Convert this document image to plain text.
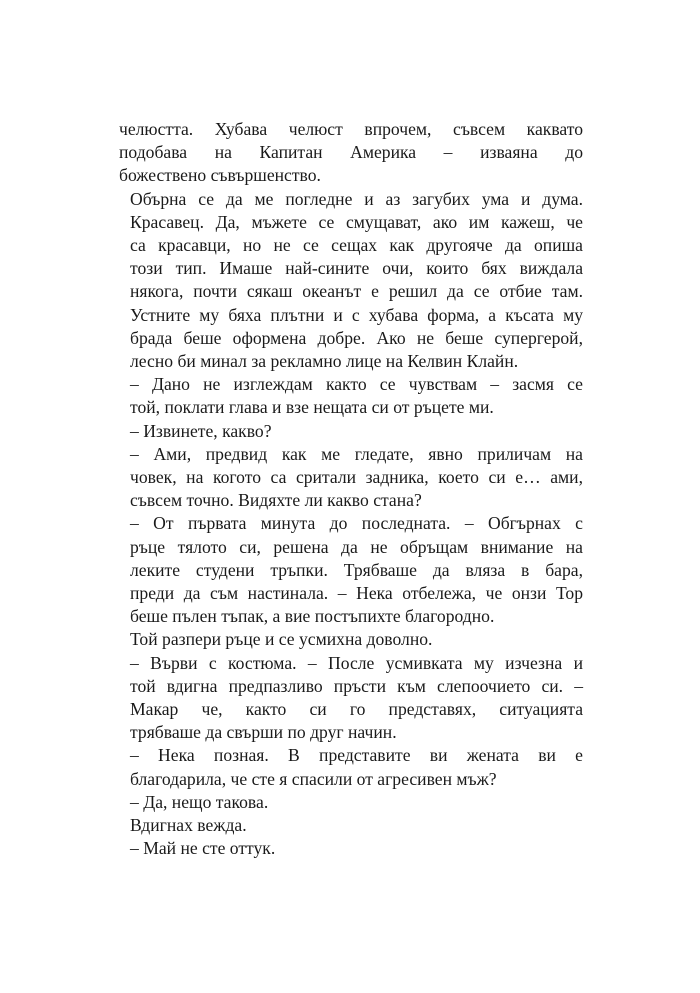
челюстта. Хубава челюст впрочем, съвсем каквато
подобава на Капитан Америка – изваяна до
божествено съвършенство.
Обърна се да ме погледне и аз загубих ума и дума.
Красавец. Да, мъжете се смущават, ако им кажеш, че
са красавци, но не се сещах как другояче да опиша
този тип. Имаше най-сините очи, които бях виждала
някога, почти сякаш океанът е решил да се отбие там.
Устните му бяха плътни и с хубава форма, а късата му
брада беше оформена добре. Ако не беше супергерой,
лесно би минал за рекламно лице на Келвин Клайн.
– Дано не изглеждам както се чувствам – засмя се
той, поклати глава и взе нещата си от ръцете ми.
– Извинете, какво?
– Ами, предвид как ме гледате, явно приличам на
човек, на когото са сритали задника, което си е… ами,
съвсем точно. Видяхте ли какво стана?
– От първата минута до последната. – Обгърнах с
ръце тялото си, решена да не обръщам внимание на
леките студени тръпки. Трябваше да вляза в бара,
преди да съм настинала. – Нека отбележа, че онзи Тор
беше пълен тъпак, а вие постъпихте благородно.
Той разпери ръце и се усмихна доволно.
– Върви с костюма. – После усмивката му изчезна и
той вдигна предпазливо пръсти към слепоочието си. –
Макар че, както си го представях, ситуацията
трябваше да свърши по друг начин.
– Нека позная. В представите ви жената ви е
благодарила, че сте я спасили от агресивен мъж?
– Да, нещо такова.
Вдигнах вежда.
– Май не сте оттук.
